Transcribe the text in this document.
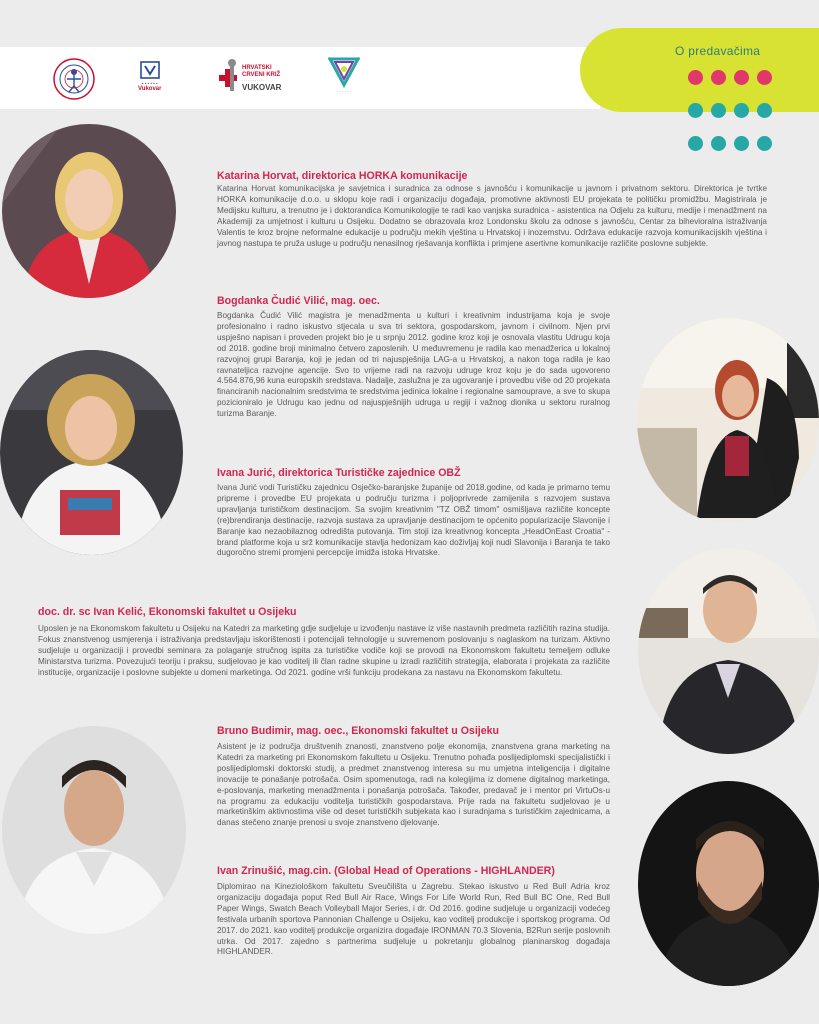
• • • • • •
Vukovar
HRVATSKI
CRVENI KRIŽ
· · · · · · · · · · ·
VUKOVAR	· · · · · ·
O predavačima
Katarina Horvat, direktorica HORKA komunikacije

Katarina Horvat komunikacijska je savjetnica i suradnica za odnose s javnošću i komunikacije u javnom i privatnom sektoru. Direktorica je tvrtke HORKA komunikacije d.o.o. u sklopu koje radi i organizaciju događaja, promotivne aktivnosti EU projekata te političku promidžbu. Magistrirala je Medijsku kulturu, a trenutno je i doktorandica Komunikologije te radi kao vanjska suradnica - asistentica na Odjelu za kulturu, medije i menadžment na Akademiji za umjetnost i kulturu u Osijeku. Dodatno se obrazovala kroz Londonsku školu za odnose s javnošću, Centar za bihevioralna istraživanja Valentis te kroz brojne neformalne edukacije u području mekih vještina u Hrvatskoj i inozemstvu. Održava edukacije razvoja komunikacijskih vještina i javnog nastupa te pruža usluge u području nenasilnog rješavanja konflikta i primjene asertivne komunikacije različite poslovne subjekte.

Bogdanka Čudić Vilić, mag. oec.

Bogdanka Čudić Vilić magistra je menadžmenta u kulturi i kreativnim industrijama koja je svoje profesionalno i radno iskustvo stjecala u sva tri sektora, gospodarskom, javnom i civilnom. Njen prvi uspješno napisan i proveden projekt bio je u srpnju 2012. godine kroz koji je osnovala vlastitu Udrugu koja od 2018. godine broji minimalno četvero zaposlenih. U međuvremenu je radila kao menadžerica u lokalnoj razvojnoj grupi Baranja, koji je jedan od tri najuspješnija LAG-a u Hrvatskoj, a nakon toga radila je kao ravnateljica razvojne agencije. Svo to vrijeme radi na razvoju udruge kroz koju je do sada ugovoreno 4.564.876,96 kuna europskih sredstava. Nadalje, zaslužna je za ugovaranje i provedbu više od 20 projekata financiranih nacionalnim sredstvima te sredstvima jedinica lokalne i regionalne samouprave, a sve to skupa pozicioniralo je Udrugu kao jednu od najuspješnijih udruga u regiji i važnog dionika u sektoru ruralnog turizma Baranje.

Ivana Jurić, direktorica Turističke zajednice OBŽ

Ivana Jurić vodi Turističku zajednicu Osječko-baranjske županije od 2018.godine, od kada je primarno temu pripreme i provedbe EU projekata u području turizma i poljoprivrede zamijenila s razvojem sustava upravljanja turističkom destinacijom. Sa svojim kreativnim "TZ OBŽ timom" osmišljava različite koncepte (re)brendiranja destinacije, razvoja sustava za upravljanje destinacijom te općenito popularizacije Slavonije i Baranje kao nezaobilaznog odredišta putovanja. Tim stoji iza kreativnog koncepta „HeadOnEast Croatia" - brand platforme koja u srž komunikacije stavlja hedonizam kao doživljaj koji nudi Slavonija i Baranja te tako dugoročno stremi promjeni percepcije imidža istoka Hrvatske.

doc. dr. sc Ivan Kelić, Ekonomski fakultet u Osijeku

Uposlen je na Ekonomskom fakultetu u Osijeku na Katedri za marketing gdje sudjeluje u izvođenju nastave iz više nastavnih predmeta različitih razina studija. Fokus znanstvenog usmjerenja i istraživanja predstavljaju iskorištenosti i potencijali tehnologije u suvremenom poslovanju s naglaskom na turizam. Aktivno sudjeluje u organizaciji i provedbi seminara za polaganje stručnog ispita za turističke vodiče koji se provodi na Ekonomskom fakultetu temeljem odluke Ministarstva turizma. Povezujući teoriju i praksu, sudjelovao je kao voditelj ili član radne skupine u izradi različitih strategija, elaborata i projekata za različite institucije, organizacije i poslovne subjekte u domeni marketinga. Od 2021. godine vrši funkciju prodekana za nastavu na Ekonomskom fakultetu.

Bruno Budimir, mag. oec., Ekonomski fakultet u Osijeku

Asistent je iz područja društvenih znanosti, znanstveno polje ekonomija, znanstvena grana marketing na Katedri za marketing pri Ekonomskom fakultetu u Osijeku. Trenutno pohađa poslijediplomski specijalistički i poslijediplomski doktorski studij, a predmet znanstvenog interesa su mu umjetna inteligencija i digitalne inovacije te ponašanje potrošača. Osim spomenutoga, radi na kolegijima iz domene digitalnog marketinga, e-poslovanja, marketing menadžmenta i ponašanja potrošača. Također, predavač je i mentor pri VirtuOs-u na programu za edukaciju voditelja turističkih gospodarstava. Prije rada na fakultetu sudjelovao je u marketinškim aktivnostima više od deset turističkih subjekata kao i suradnjama s turističkim zajednicama, a danas stečeno znanje prenosi u svoje znanstveno djelovanje.

Ivan Zrinušić, mag.cin. (Global Head of Operations - HIGHLANDER)

Diplomirao na Kineziološkom fakultetu Sveučilišta u Zagrebu. Stekao iskustvo u Red Bull Adria kroz organizaciju događaja poput Red Bull Air Race, Wings For Life World Run, Red Bull BC One, Red Bull Paper Wings, Swatch Beach Volleyball Major Series, i dr. Od 2016. godine sudjeluje u organizaciji vodećeg festivala urbanih sportova Pannonian Challenge u Osijeku, kao voditelj produkcije i sportskog programa. Od 2017. do 2021. kao voditelj produkcije organizira događaje IRONMAN 70.3 Slovenia, B2Run serije poslovnih utrka. Od 2017. zajedno s partnerima sudjeluje u pokretanju globalnog planinarskog događaja HIGHLANDER.
